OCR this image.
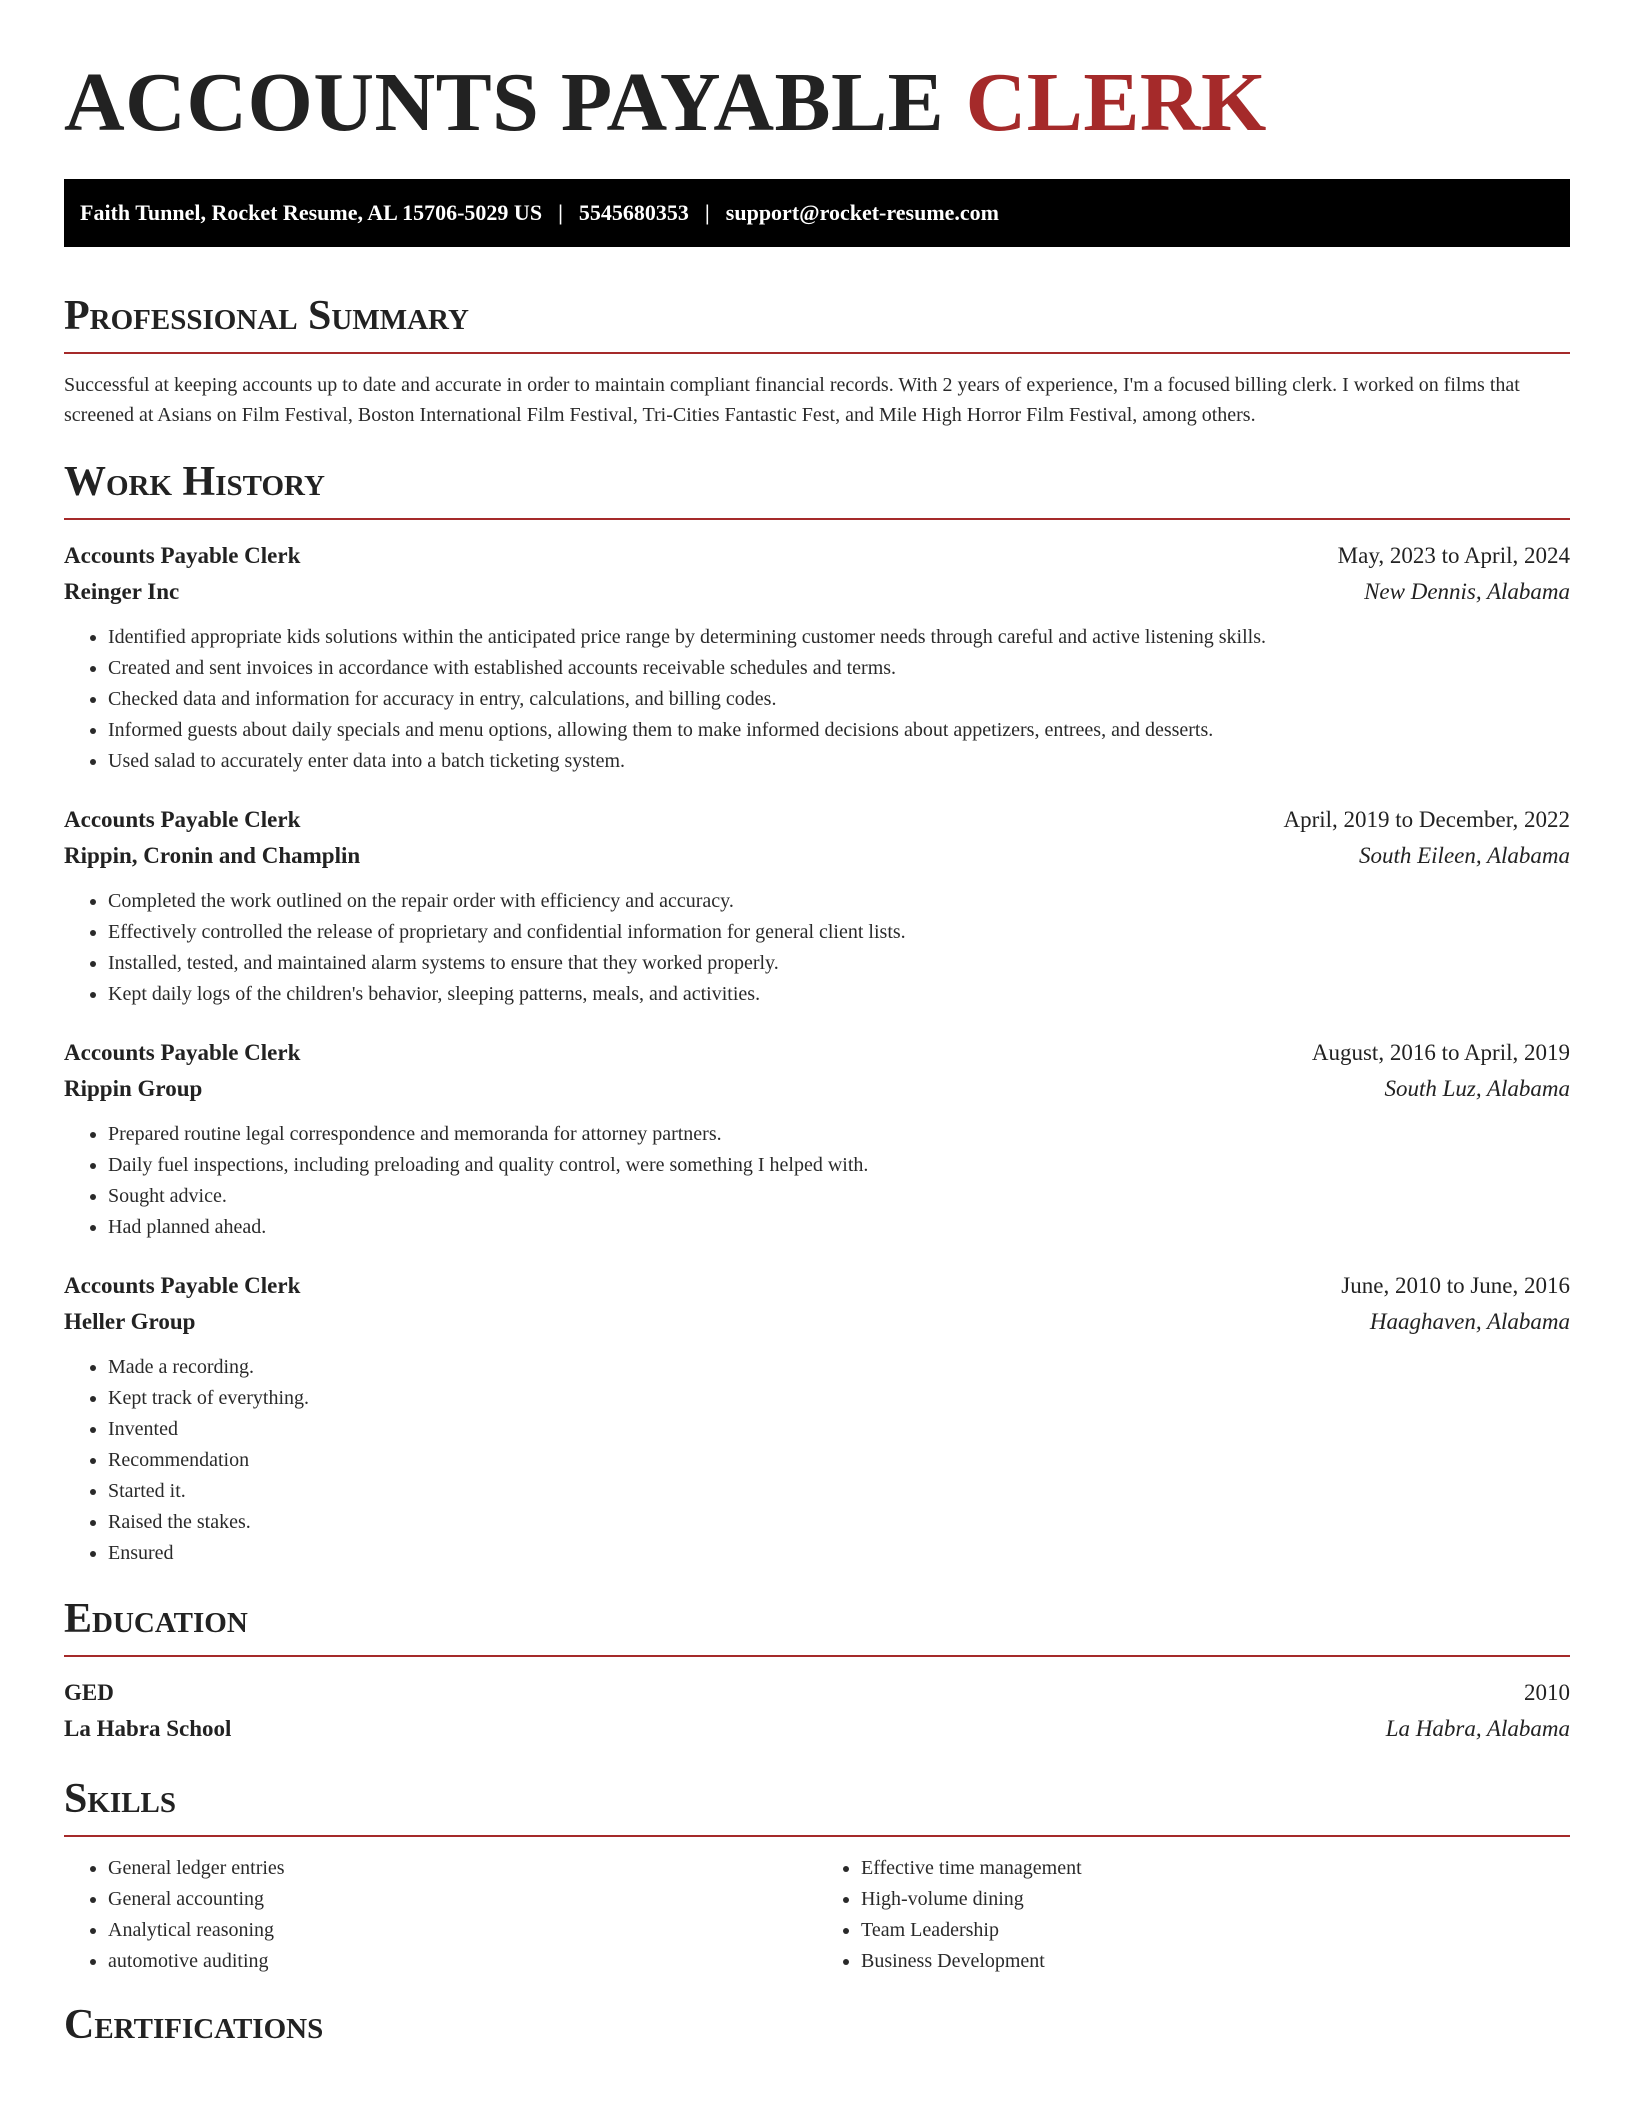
ACCOUNTS PAYABLE CLERK
Faith Tunnel, Rocket Resume, AL 15706-5029 US | 5545680353 | support@rocket-resume.com
Professional Summary

Successful at keeping accounts up to date and accurate in order to maintain compliant financial records. With 2 years of experience, I'm a focused billing clerk. I worked on films that screened at Asians on Film Festival, Boston International Film Festival, Tri-Cities Fantastic Fest, and Mile High Horror Film Festival, among others.

Work History
Accounts Payable Clerk	May, 2023 to April, 2024
Reinger Inc	New Dennis, Alabama
• Identified appropriate kids solutions within the anticipated price range by determining customer needs through careful and active listening skills.
• Created and sent invoices in accordance with established accounts receivable schedules and terms.
• Checked data and information for accuracy in entry, calculations, and billing codes.
• Informed guests about daily specials and menu options, allowing them to make informed decisions about appetizers, entrees, and desserts.
• Used salad to accurately enter data into a batch ticketing system.
Accounts Payable Clerk	April, 2019 to December, 2022
Rippin, Cronin and Champlin	South Eileen, Alabama
• Completed the work outlined on the repair order with efficiency and accuracy.
• Effectively controlled the release of proprietary and confidential information for general client lists.
• Installed, tested, and maintained alarm systems to ensure that they worked properly.
• Kept daily logs of the children's behavior, sleeping patterns, meals, and activities.
Accounts Payable Clerk	August, 2016 to April, 2019
Rippin Group	South Luz, Alabama
• Prepared routine legal correspondence and memoranda for attorney partners.
• Daily fuel inspections, including preloading and quality control, were something I helped with.
• Sought advice.
• Had planned ahead.
Accounts Payable Clerk	June, 2010 to June, 2016
Heller Group	Haaghaven, Alabama
• Made a recording.
• Kept track of everything.
• Invented
• Recommendation
• Started it.
• Raised the stakes.
• Ensured
Education
GED	2010
La Habra School	La Habra, Alabama
Skills
• General ledger entries
• General accounting
• Analytical reasoning
• automotive auditing
• Effective time management
• High-volume dining
• Team Leadership
• Business Development
Certifications
